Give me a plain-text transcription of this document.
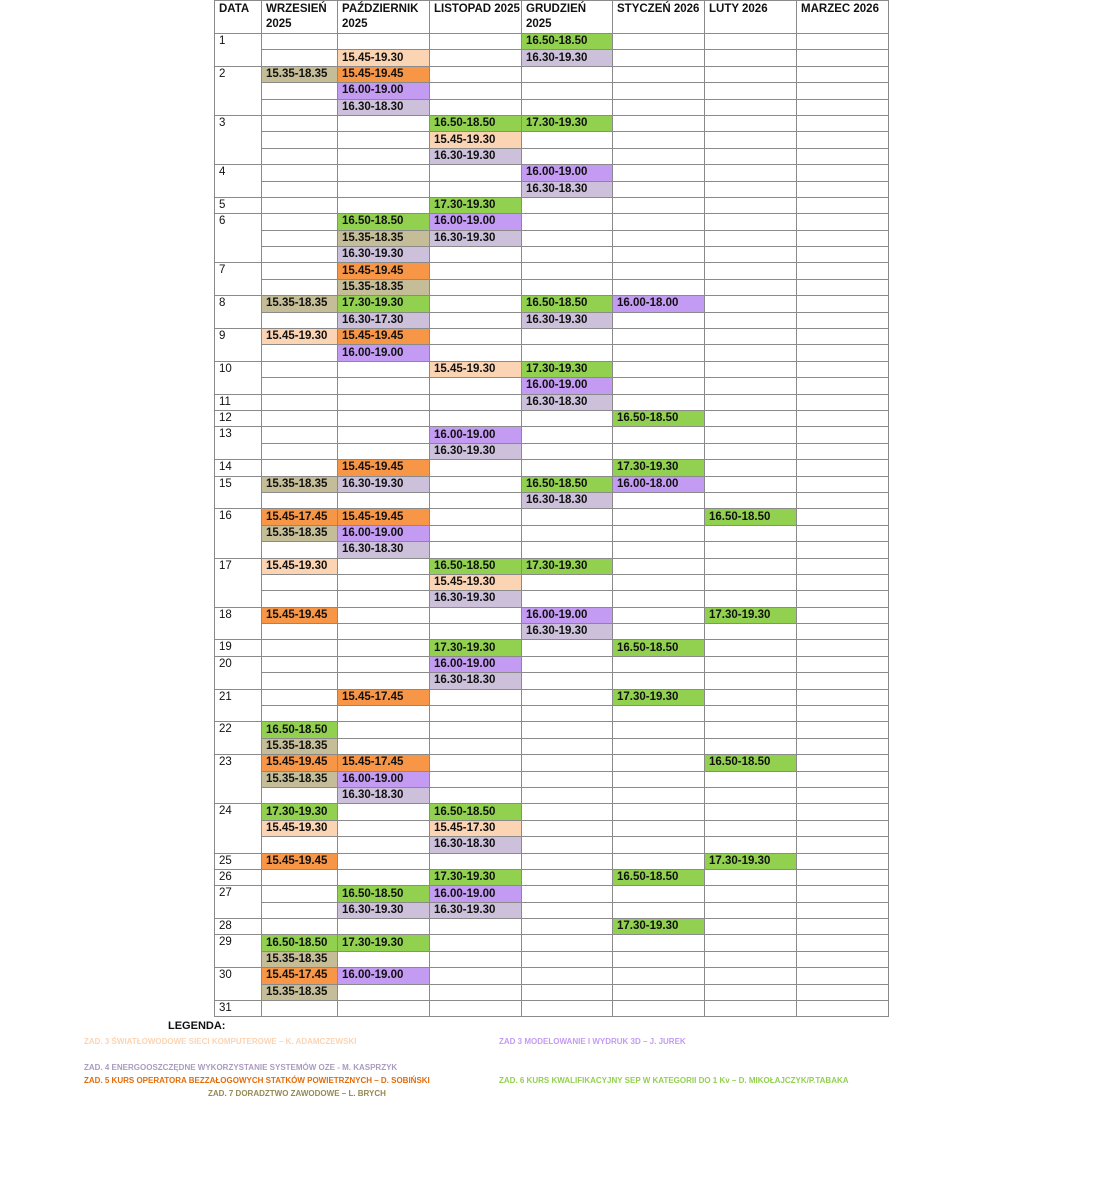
DATA	WRZESIEŃ 2025	PAŹDZIERNIK 2025	LISTOPAD 2025	GRUDZIEŃ 2025	STYCZEŃ 2026	LUTY 2026	MARZEC 2026
1				16.50-18.50			
		15.45-19.30		16.30-19.30			
2	15.35-18.35	15.45-19.45					
		16.00-19.00					
		16.30-18.30					
3			16.50-18.50	17.30-19.30			
			15.45-19.30				
			16.30-19.30				
4				16.00-19.00			
				16.30-18.30			
5			17.30-19.30				
6		16.50-18.50	16.00-19.00				
		15.35-18.35	16.30-19.30				
		16.30-19.30					
7		15.45-19.45					
		15.35-18.35					
8	15.35-18.35	17.30-19.30		16.50-18.50	16.00-18.00		
		16.30-17.30		16.30-19.30			
9	15.45-19.30	15.45-19.45					
		16.00-19.00					
10			15.45-19.30	17.30-19.30			
				16.00-19.00			
11				16.30-18.30			
12					16.50-18.50		
13			16.00-19.00				
			16.30-19.30				
14		15.45-19.45			17.30-19.30		
15	15.35-18.35	16.30-19.30		16.50-18.50	16.00-18.00		
				16.30-18.30			
16	15.45-17.45	15.45-19.45				16.50-18.50	
	15.35-18.35	16.00-19.00					
		16.30-18.30					
17	15.45-19.30		16.50-18.50	17.30-19.30			
			15.45-19.30				
			16.30-19.30				
18	15.45-19.45			16.00-19.00		17.30-19.30	
				16.30-19.30			
19			17.30-19.30		16.50-18.50		
20			16.00-19.00				
			16.30-18.30				
21		15.45-17.45			17.30-19.30		

22	16.50-18.50						
	15.35-18.35						
23	15.45-19.45	15.45-17.45				16.50-18.50	
	15.35-18.35	16.00-19.00					
		16.30-18.30					
24	17.30-19.30		16.50-18.50				
	15.45-19.30		15.45-17.30				
			16.30-18.30				
25	15.45-19.45					17.30-19.30	
26			17.30-19.30		16.50-18.50		
27		16.50-18.50	16.00-19.00				
		16.30-19.30	16.30-19.30				
28					17.30-19.30		
29	16.50-18.50	17.30-19.30					
	15.35-18.35						
30	15.45-17.45	16.00-19.00					
	15.35-18.35						
31							
LEGENDA:
ZAD. 3 ŚWIATŁOWODOWE SIECI KOMPUTEROWE – K. ADAMCZEWSKI	ZAD 3 MODELOWANIE I WYDRUK 3D – J. JUREK
ZAD. 4 ENERGOOSZCZĘDNE WYKORZYSTANIE SYSTEMÓW OZE - M. KASPRZYK
ZAD. 5 KURS OPERATORA BEZZAŁOGOWYCH STATKÓW POWIETRZNYCH – D. SOBIŃSKI	ZAD. 6 KURS KWALIFIKACYJNY SEP W KATEGORII DO 1 Kv – D. MIKOŁAJCZYK/P.TABAKA
ZAD. 7 DORADZTWO ZAWODOWE – L. BRYCH
